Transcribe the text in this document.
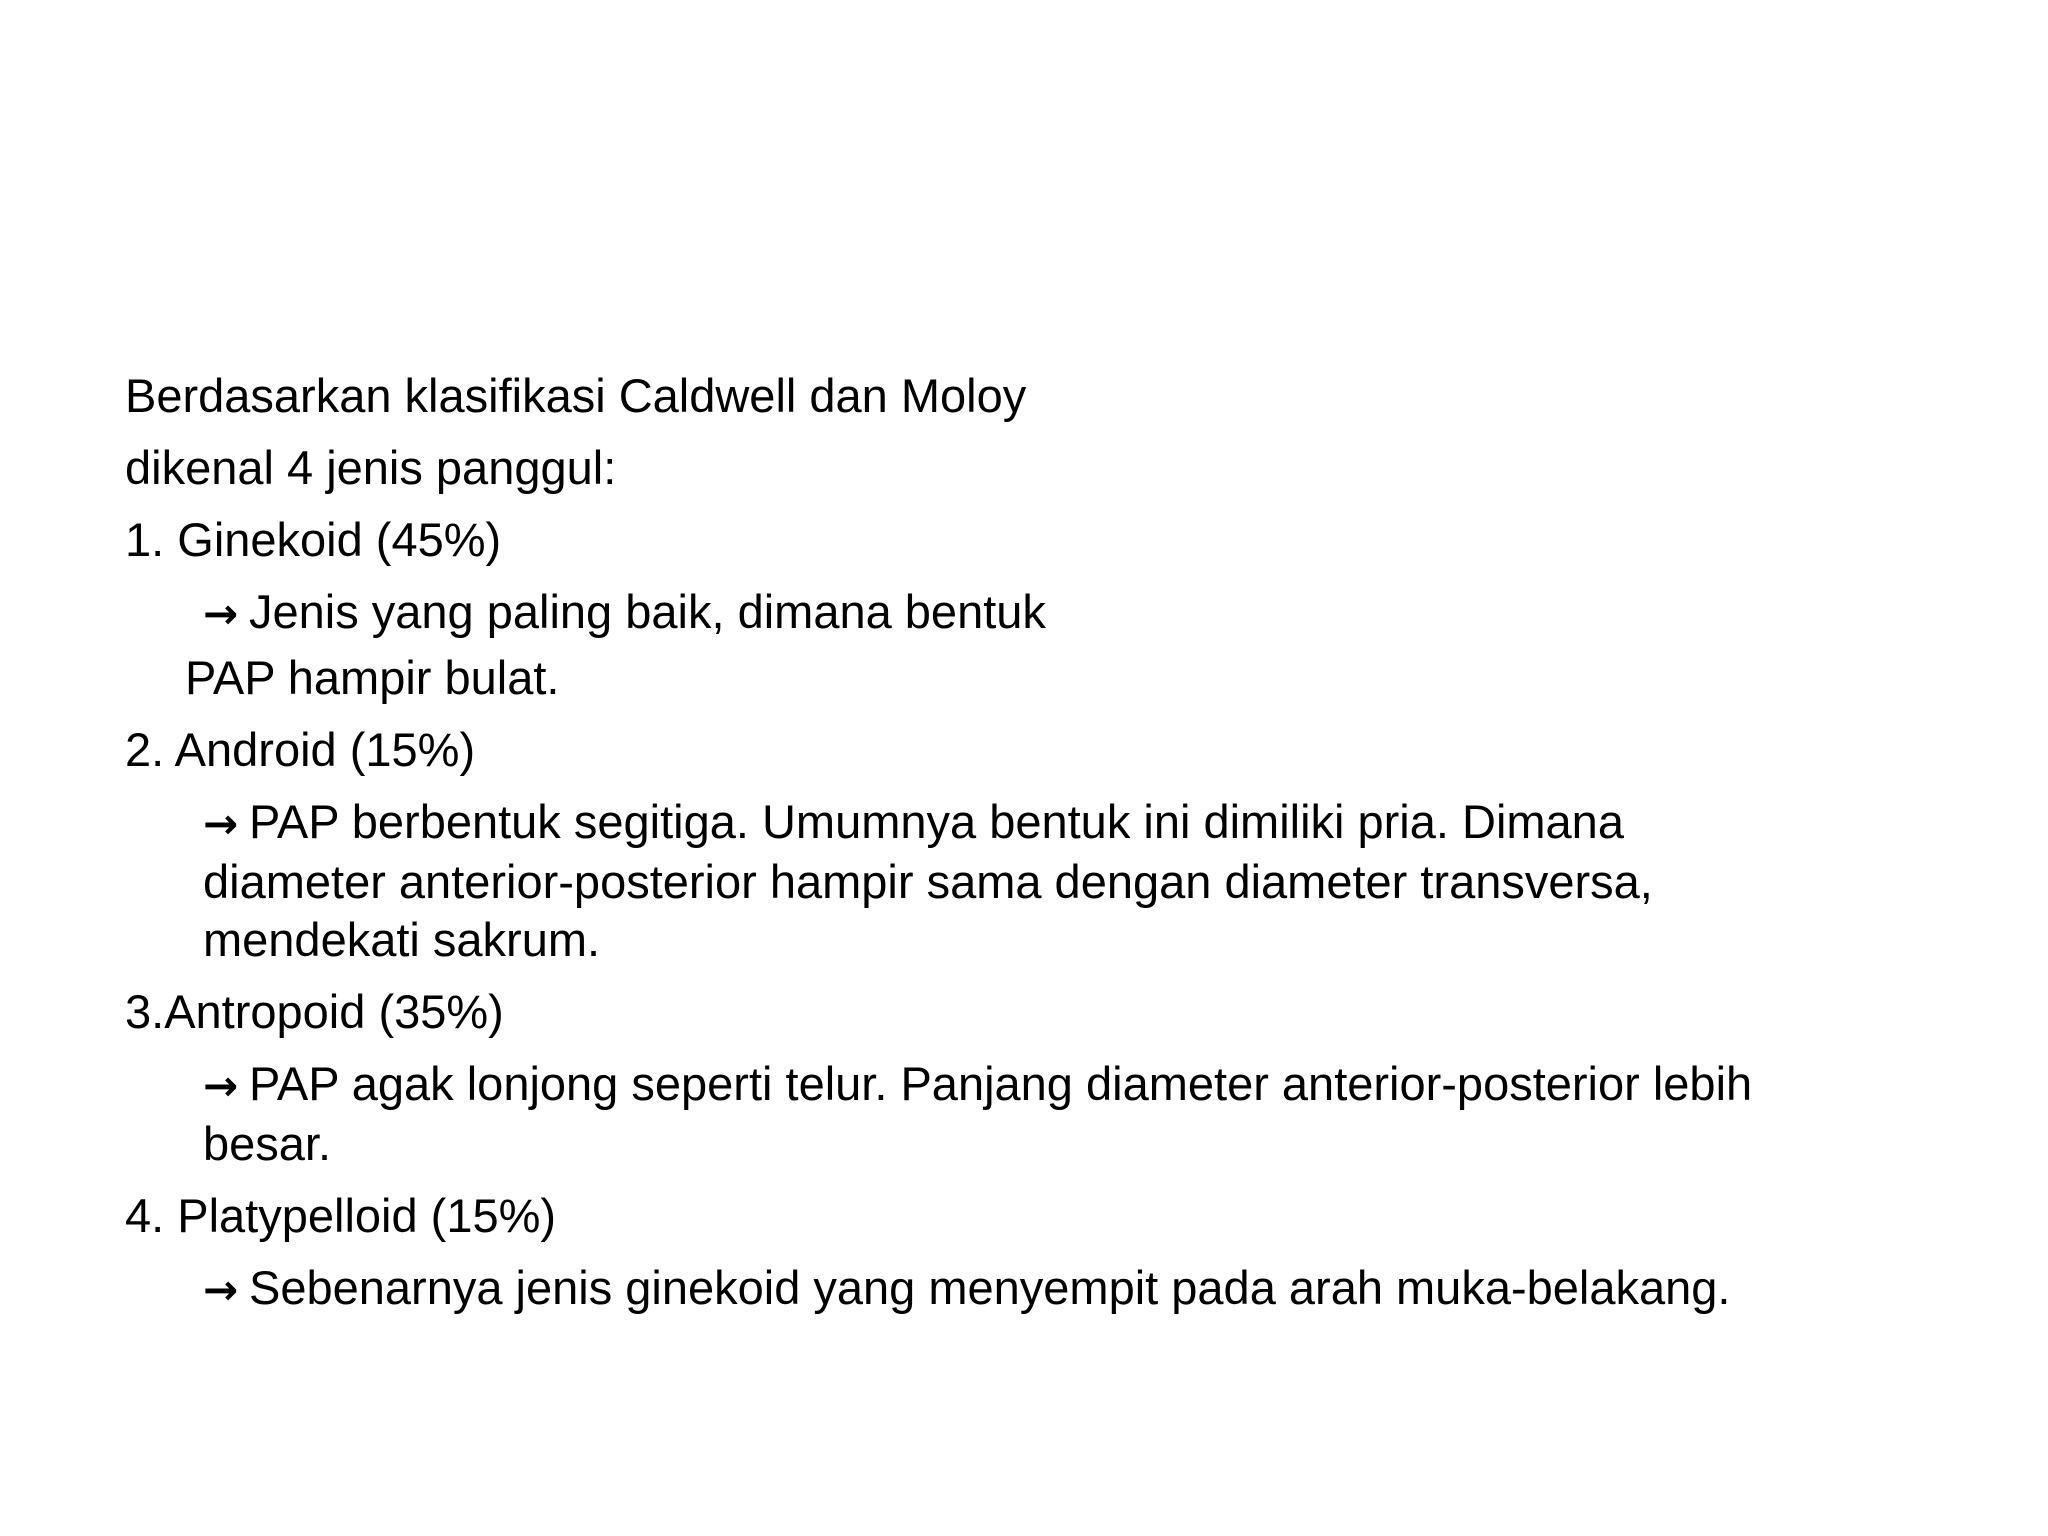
Berdasarkan klasifikasi Caldwell dan Moloy
dikenal 4 jenis panggul:
1. Ginekoid (45%)
→ Jenis yang paling baik, dimana bentuk
PAP hampir bulat.
2. Android (15%)
→ PAP berbentuk segitiga. Umumnya bentuk ini dimiliki pria. Dimana
diameter anterior-posterior hampir sama dengan diameter transversa,
mendekati sakrum.
3.Antropoid (35%)
→ PAP agak lonjong seperti telur. Panjang diameter anterior-posterior lebih
besar.
4. Platypelloid (15%)
→ Sebenarnya jenis ginekoid yang menyempit pada arah muka-belakang.
